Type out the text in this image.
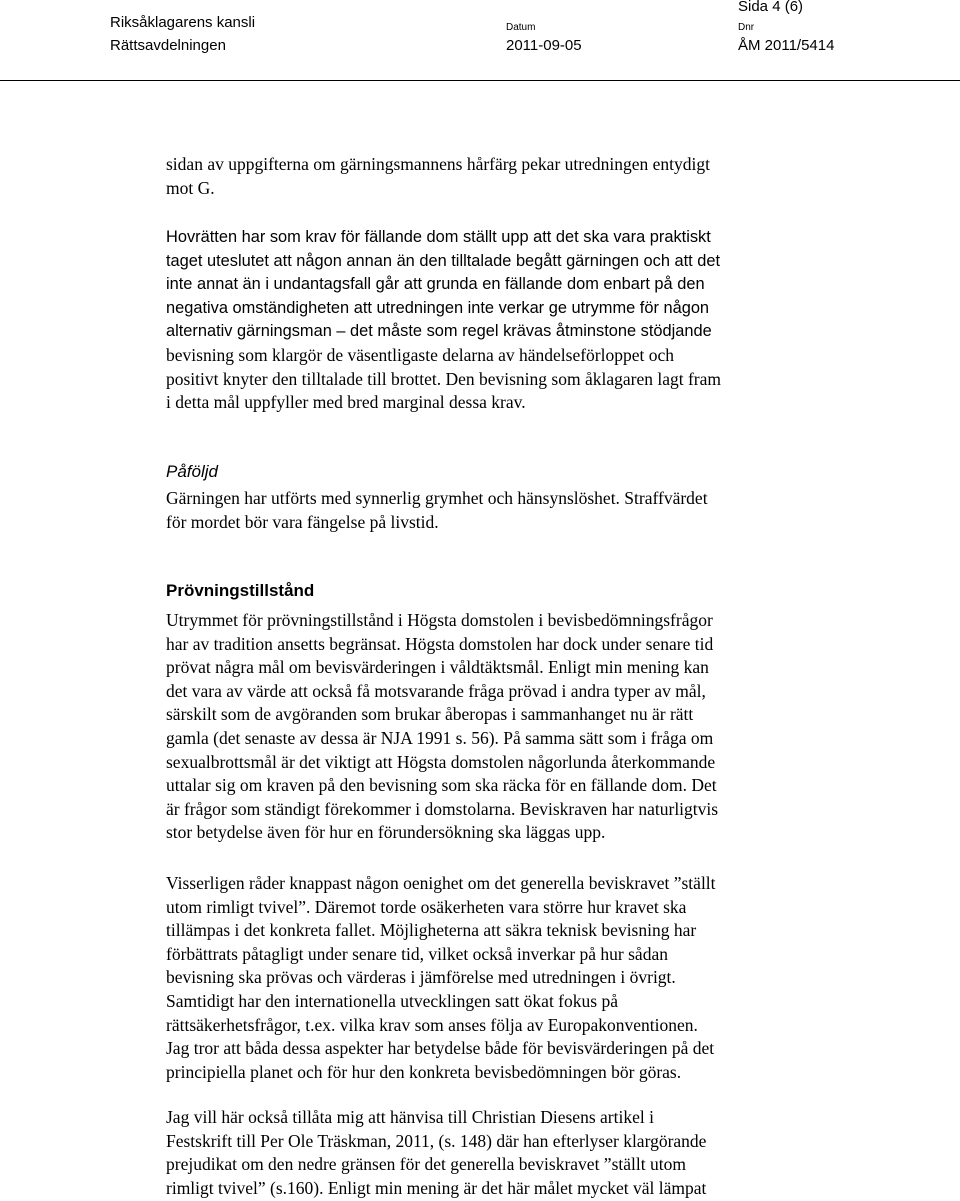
Sida 4 (6)
Riksåklagarens kansli
Rättsavdelningen
Datum
2011-09-05
Dnr
ÅM 2011/5414

sidan av uppgifterna om gärningsmannens hårfärg pekar utredningen entydigt
mot G.

Hovrätten har som krav för fällande dom ställt upp att det ska vara praktiskt
taget uteslutet att någon annan än den tilltalade begått gärningen och att det
inte annat än i undantagsfall går att grunda en fällande dom enbart på den
negativa omständigheten att utredningen inte verkar ge utrymme för någon
alternativ gärningsman – det måste som regel krävas åtminstone stödjande

bevisning som klargör de väsentligaste delarna av händelseförloppet och
positivt knyter den tilltalade till brottet. Den bevisning som åklagaren lagt fram
i detta mål uppfyller med bred marginal dessa krav.

Påföljd

Gärningen har utförts med synnerlig grymhet och hänsynslöshet. Straffvärdet
för mordet bör vara fängelse på livstid.

Prövningstillstånd

Utrymmet för prövningstillstånd i Högsta domstolen i bevisbedömningsfrågor
har av tradition ansetts begränsat. Högsta domstolen har dock under senare tid
prövat några mål om bevisvärderingen i våldtäktsmål. Enligt min mening kan
det vara av värde att också få motsvarande fråga prövad i andra typer av mål,
särskilt som de avgöranden som brukar åberopas i sammanhanget nu är rätt
gamla (det senaste av dessa är NJA 1991 s. 56). På samma sätt som i fråga om
sexualbrottsmål är det viktigt att Högsta domstolen någorlunda återkommande
uttalar sig om kraven på den bevisning som ska räcka för en fällande dom. Det
är frågor som ständigt förekommer i domstolarna. Beviskraven har naturligtvis
stor betydelse även för hur en förundersökning ska läggas upp.

Visserligen råder knappast någon oenighet om det generella beviskravet ”ställt
utom rimligt tvivel”. Däremot torde osäkerheten vara större hur kravet ska
tillämpas i det konkreta fallet. Möjligheterna att säkra teknisk bevisning har
förbättrats påtagligt under senare tid, vilket också inverkar på hur sådan
bevisning ska prövas och värderas i jämförelse med utredningen i övrigt.
Samtidigt har den internationella utvecklingen satt ökat fokus på
rättsäkerhetsfrågor, t.ex. vilka krav som anses följa av Europakonventionen.
Jag tror att båda dessa aspekter har betydelse både för bevisvärderingen på det
principiella planet och för hur den konkreta bevisbedömningen bör göras.

Jag vill här också tillåta mig att hänvisa till Christian Diesens artikel i
Festskrift till Per Ole Träskman, 2011, (s. 148) där han efterlyser klargörande
prejudikat om den nedre gränsen för det generella beviskravet ”ställt utom
rimligt tvivel” (s.160). Enligt min mening är det här målet mycket väl lämpat
